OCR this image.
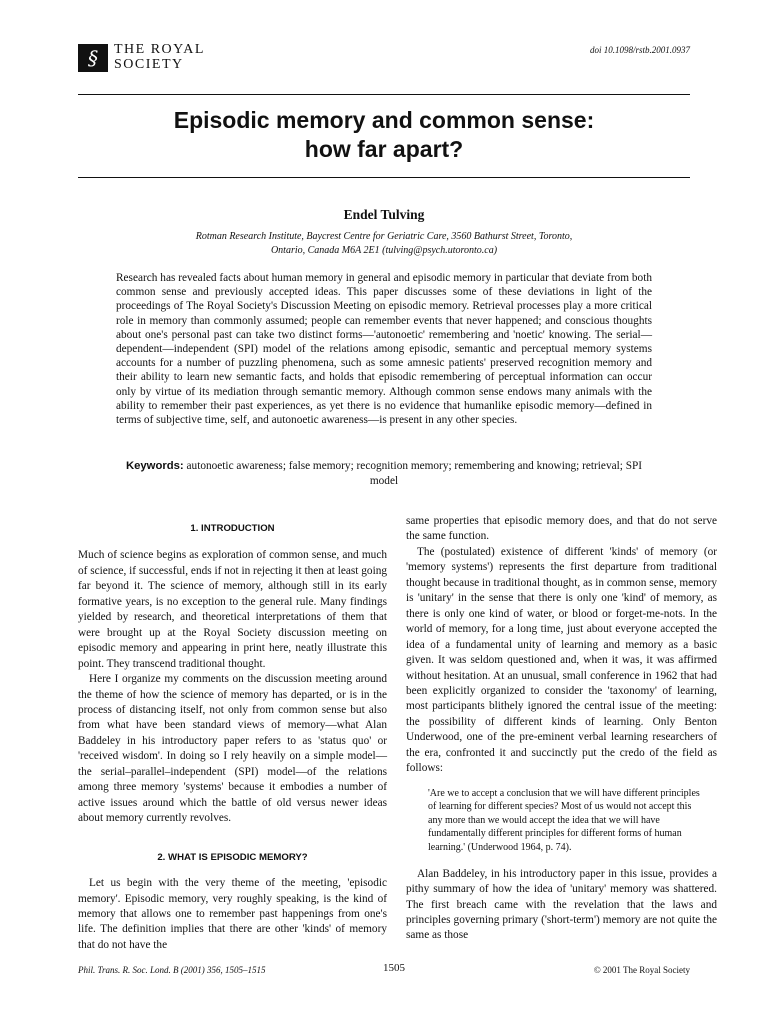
§	THE ROYAL
SOCIETY
doi 10.1098/rstb.2001.0937
Episodic memory and common sense:
how far apart?
Endel Tulving
Rotman Research Institute, Baycrest Centre for Geriatric Care, 3560 Bathurst Street, Toronto,
Ontario, Canada M6A 2E1 (tulving@psych.utoronto.ca)
Research has revealed facts about human memory in general and episodic memory in particular that deviate from both common sense and previously accepted ideas. This paper discusses some of these deviations in light of the proceedings of The Royal Society's Discussion Meeting on episodic memory. Retrieval processes play a more critical role in memory than commonly assumed; people can remember events that never happened; and conscious thoughts about one's personal past can take two distinct forms—'autonoetic' remembering and 'noetic' knowing. The serial—dependent—independent (SPI) model of the relations among episodic, semantic and perceptual memory systems accounts for a number of puzzling phenomena, such as some amnesic patients' preserved recognition memory and their ability to learn new semantic facts, and holds that episodic remembering of perceptual information can occur only by virtue of its mediation through semantic memory. Although common sense endows many animals with the ability to remember their past experiences, as yet there is no evidence that humanlike episodic memory—defined in terms of subjective time, self, and autonoetic awareness—is present in any other species.
Keywords: autonoetic awareness; false memory; recognition memory; remembering and knowing; retrieval; SPI model

1. INTRODUCTION

Much of science begins as exploration of common sense, and much of science, if successful, ends if not in rejecting it then at least going far beyond it. The science of memory, although still in its early formative years, is no exception to the general rule. Many findings yielded by research, and theoretical interpretations of them that were brought up at the Royal Society discussion meeting on episodic memory and appearing in print here, neatly illustrate this point. They transcend traditional thought.

Here I organize my comments on the discussion meeting around the theme of how the science of memory has departed, or is in the process of distancing itself, not only from common sense but also from what have been standard views of memory—what Alan Baddeley in his introductory paper refers to as 'status quo' or 'received wisdom'. In doing so I rely heavily on a simple model—the serial–parallel–independent (SPI) model—of the relations among three memory 'systems' because it embodies a number of active issues around which the battle of old versus newer ideas about memory currently revolves.

2. WHAT IS EPISODIC MEMORY?

Let us begin with the very theme of the meeting, 'episodic memory'. Episodic memory, very roughly speaking, is the kind of memory that allows one to remember past happenings from one's life. The definition implies that there are other 'kinds' of memory that do not have the

same properties that episodic memory does, and that do not serve the same function.

The (postulated) existence of different 'kinds' of memory (or 'memory systems') represents the first departure from traditional thought because in traditional thought, as in common sense, memory is 'unitary' in the sense that there is only one 'kind' of memory, as there is only one kind of water, or blood or forget-me-nots. In the world of memory, for a long time, just about everyone accepted the idea of a fundamental unity of learning and memory as a basic given. It was seldom questioned and, when it was, it was affirmed without hesitation. At an unusual, small conference in 1962 that had been explicitly organized to consider the 'taxonomy' of learning, most participants blithely ignored the central issue of the meeting: the possibility of different kinds of learning. Only Benton Underwood, one of the pre-eminent verbal learning researchers of the era, confronted it and succinctly put the credo of the field as follows:

'Are we to accept a conclusion that we will have different principles of learning for different species? Most of us would not accept this any more than we would accept the idea that we will have fundamentally different principles for different forms of human learning.' (Underwood 1964, p. 74).

Alan Baddeley, in his introductory paper in this issue, provides a pithy summary of how the idea of 'unitary' memory was shattered. The first breach came with the revelation that the laws and principles governing primary ('short-term') memory are not quite the same as those

Phil. Trans. R. Soc. Lond. B (2001) 356, 1505–1515	1505	© 2001 The Royal Society
